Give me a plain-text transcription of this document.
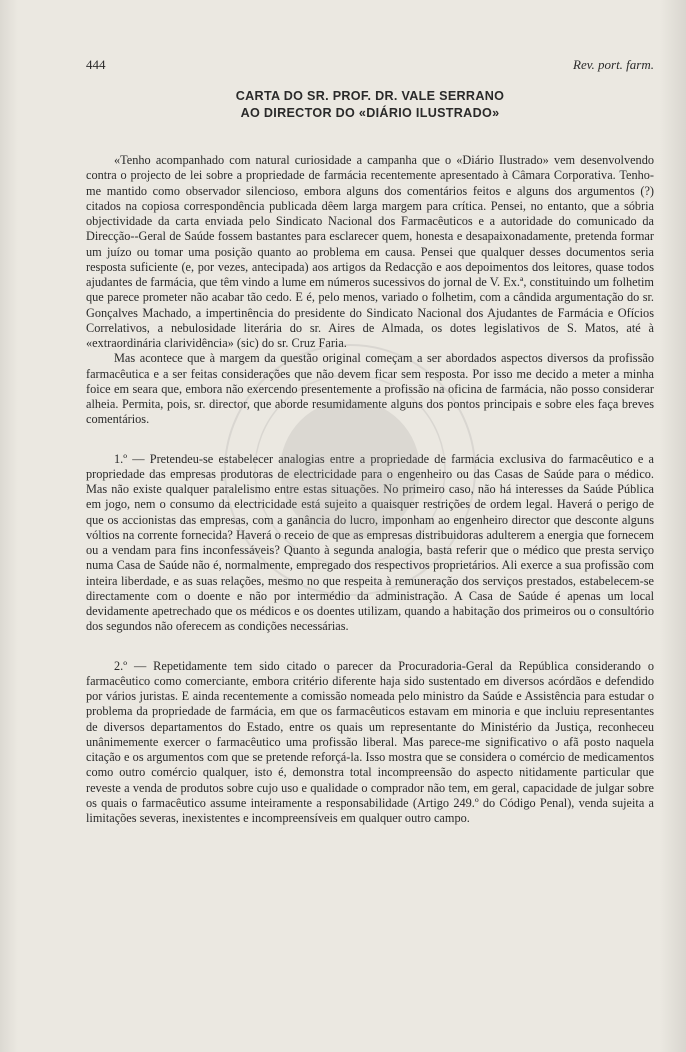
444	Rev. port. farm.
CARTA DO SR. PROF. DR. VALE SERRANO
AO DIRECTOR DO «DIÁRIO ILUSTRADO»

«Tenho acompanhado com natural curiosidade a campanha que o «Diário Ilustrado» vem desenvolvendo contra o projecto de lei sobre a propriedade de farmácia recentemente apresentado à Câmara Corporativa. Tenho-me mantido como observador silencioso, embora alguns dos comentários feitos e alguns dos argumentos (?) citados na copiosa correspondência publicada dêem larga margem para crítica. Pensei, no entanto, que a sóbria objectividade da carta enviada pelo Sindicato Nacional dos Farmacêuticos e a autoridade do comunicado da Direcção--Geral de Saúde fossem bastantes para esclarecer quem, honesta e desapaixonadamente, pretenda formar um juízo ou tomar uma posição quanto ao problema em causa. Pensei que qualquer desses documentos seria resposta suficiente (e, por vezes, antecipada) aos artigos da Redacção e aos depoimentos dos leitores, quase todos ajudantes de farmácia, que têm vindo a lume em números sucessivos do jornal de V. Ex.ª, constituindo um folhetim que parece prometer não acabar tão cedo. E é, pelo menos, variado o folhetim, com a cândida argumentação do sr. Gonçalves Machado, a impertinência do presidente do Sindicato Nacional dos Ajudantes de Farmácia e Ofícios Correlativos, a nebulosidade literária do sr. Aires de Almada, os dotes legislativos de S. Matos, até à «extraordinária clarividência» (sic) do sr. Cruz Faria.

Mas acontece que à margem da questão original começam a ser abordados aspectos diversos da profissão farmacêutica e a ser feitas considerações que não devem ficar sem resposta. Por isso me decido a meter a minha foice em seara que, embora não exercendo presentemente a profissão na oficina de farmácia, não posso considerar alheia. Permita, pois, sr. director, que aborde resumidamente alguns dos pontos principais e sobre eles faça breves comentários.

1.º — Pretendeu-se estabelecer analogias entre a propriedade de farmácia exclusiva do farmacêutico e a propriedade das empresas produtoras de electricidade para o engenheiro ou das Casas de Saúde para o médico. Mas não existe qualquer paralelismo entre estas situações. No primeiro caso, não há interesses da Saúde Pública em jogo, nem o consumo da electricidade está sujeito a quaisquer restrições de ordem legal. Haverá o perigo de que os accionistas das empresas, com a ganância do lucro, imponham ao engenheiro director que desconte alguns vóltios na corrente fornecida? Haverá o receio de que as empresas distribuidoras adulterem a energia que fornecem ou a vendam para fins inconfessáveis? Quanto à segunda analogia, basta referir que o médico que presta serviço numa Casa de Saúde não é, normalmente, empregado dos respectivos proprietários. Ali exerce a sua profissão com inteira liberdade, e as suas relações, mesmo no que respeita à remuneração dos serviços prestados, estabelecem-se directamente com o doente e não por intermédio da administração. A Casa de Saúde é apenas um local devidamente apetrechado que os médicos e os doentes utilizam, quando a habitação dos primeiros ou o consultório dos segundos não oferecem as condições necessárias.

2.º — Repetidamente tem sido citado o parecer da Procuradoria-Geral da República considerando o farmacêutico como comerciante, embora critério diferente haja sido sustentado em diversos acórdãos e defendido por vários juristas. E ainda recentemente a comissão nomeada pelo ministro da Saúde e Assistência para estudar o problema da propriedade de farmácia, em que os farmacêuticos estavam em minoria e que incluiu representantes de diversos departamentos do Estado, entre os quais um representante do Ministério da Justiça, reconheceu unânimemente exercer o farmacêutico uma profissão liberal. Mas parece-me significativo o afã posto naquela citação e os argumentos com que se pretende reforçá-la. Isso mostra que se considera o comércio de medicamentos como outro comércio qualquer, isto é, demonstra total incompreensão do aspecto nitidamente particular que reveste a venda de produtos sobre cujo uso e qualidade o comprador não tem, em geral, capacidade de julgar sobre os quais o farmacêutico assume inteiramente a responsabilidade (Artigo 249.º do Código Penal), venda sujeita a limitações severas, inexistentes e incompreensíveis em qualquer outro campo.
